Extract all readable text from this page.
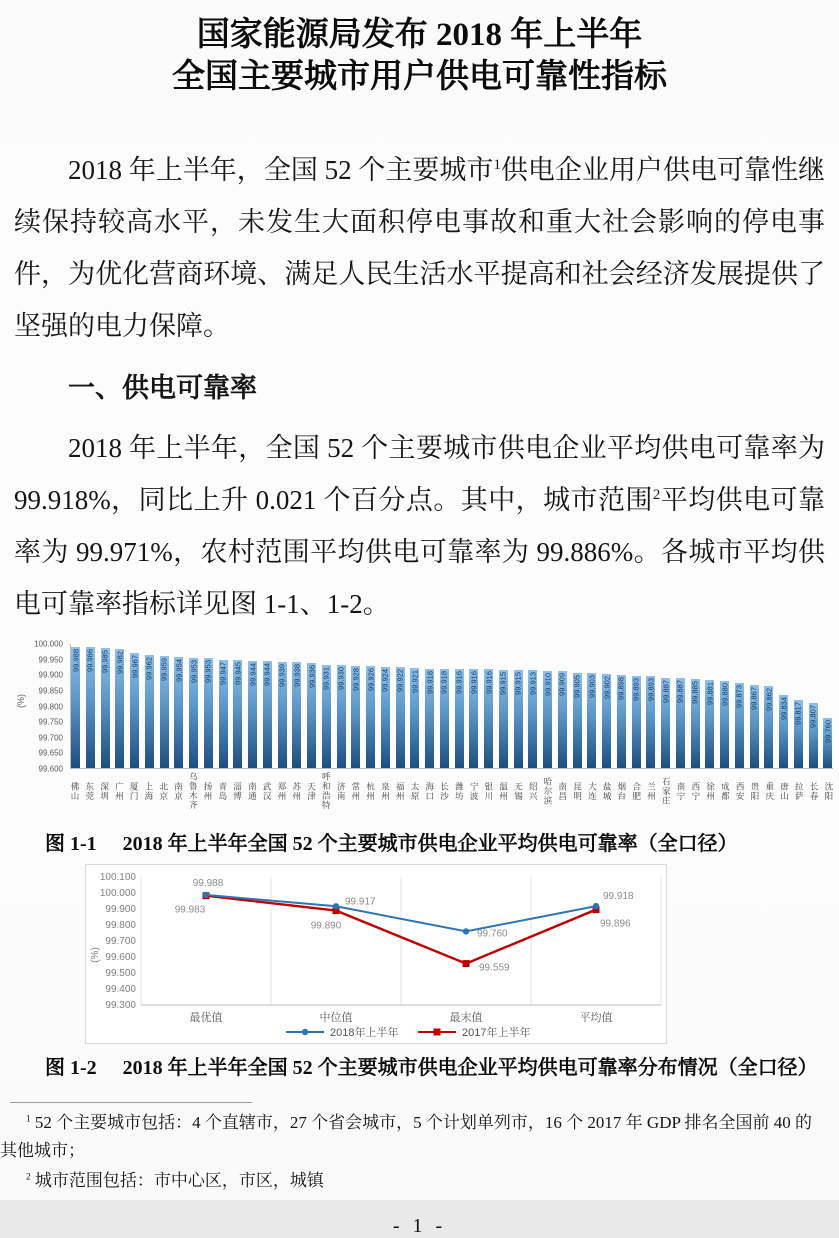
国家能源局发布 2018 年上半年
全国主要城市用户供电可靠性指标

2018 年上半年，全国 52 个主要城市$^1$供电企业用户供电可靠性继续保持较高水平，未发生大面积停电事故和重大社会影响的停电事件，为优化营商环境、满足人民生活水平提高和社会经济发展提供了坚强的电力保障。

一、供电可靠率

2018 年上半年，全国 52 个主要城市供电企业平均供电可靠率为 99.918%，同比上升 0.021 个百分点。其中，城市范围$^2$平均供电可靠率为 99.971%，农村范围平均供电可靠率为 99.886%。各城市平均供电可靠率指标详见图 1-1、1-2。

(%)
100.000
99.950
99.900
99.850
99.800
99.750
99.700
99.650
99.600
99.988 99.986 99.985 99.982 99.967 99.962 99.959 99.954 99.953 99.953 99.947 99.945 99.944 99.944 99.939 99.938 99.936 99.931 99.930 99.928 99.926 99.924 99.922 99.921 99.918 99.918 99.916 99.916 99.916 99.915 99.915 99.913 99.910 99.909 99.905 99.903 99.902 99.898 99.893 99.893 99.887 99.887 99.885 99.881 99.880 99.873 99.867 99.862 99.834 99.817 99.807
99.760
佛山 东莞 深圳 广州 厦门 上海 北京 南京 乌鲁木齐 扬州 青岛 淄博 南通 武汉 郑州 苏州 天津 呼和浩特 济南 常州 杭州 泉州 福州 太原 海口 长沙 潍坊 宁波 银川 温州 无锡 绍兴 哈尔滨 南昌 昆明 大连 盐城 烟台 合肥 兰州 石家庄 南宁 西宁 徐州 成都 西安 贵阳 重庆 唐山 拉萨 长春 沈阳

图 1-1 2018 年上半年全国 52 个主要城市供电企业平均供电可靠率（全口径）

(%)
100.100
100.000
99.900
99.800
99.700
99.600
99.500
99.400
99.300
最优值	中位值	最末值	平均值
99.983
99.890
99.559
99.896
99.988
99.917
99.760
99.918
2018年上半年	2017年上半年

图 1-2 2018 年上半年全国 52 个主要城市供电企业平均供电可靠率分布情况（全口径）

$^1$ 52 个主要城市包括：4 个直辖市，27 个省会城市，5 个计划单列市，16 个 2017 年 GDP 排名全国前 40 的其他城市；

$^2$ 城市范围包括：市中心区，市区，城镇

- 1 -
